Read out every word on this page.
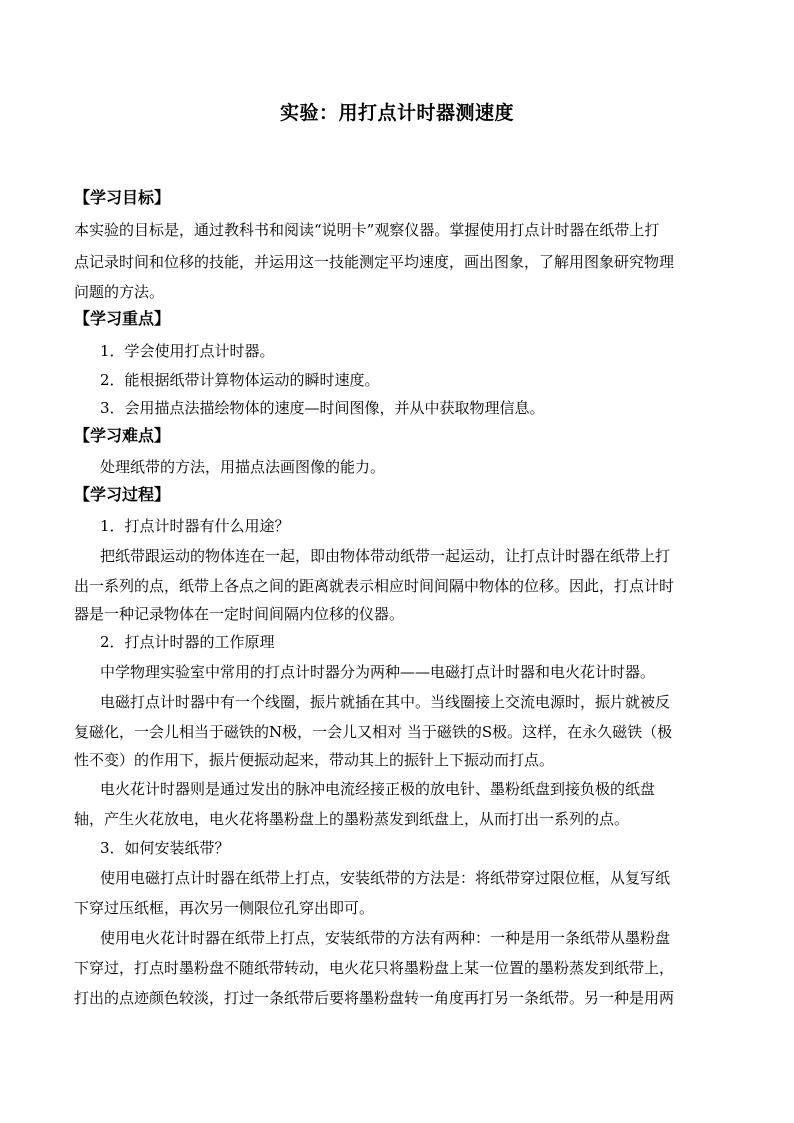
实验：用打点计时器测速度
【学习目标】
本实验的目标是，通过教科书和阅读“说明卡”观察仪器。掌握使用打点计时器在纸带上打
点记录时间和位移的技能，并运用这一技能测定平均速度，画出图象，了解用图象研究物理
问题的方法。
【学习重点】
1．学会使用打点计时器。
2．能根据纸带计算物体运动的瞬时速度。
3．会用描点法描绘物体的速度—时间图像，并从中获取物理信息。
【学习难点】
处理纸带的方法，用描点法画图像的能力。
【学习过程】
1．打点计时器有什么用途？
把纸带跟运动的物体连在一起，即由物体带动纸带一起运动，让打点计时器在纸带上打
出一系列的点，纸带上各点之间的距离就表示相应时间间隔中物体的位移。因此，打点计时
器是一种记录物体在一定时间间隔内位移的仪器。
2．打点计时器的工作原理
中学物理实验室中常用的打点计时器分为两种——电磁打点计时器和电火花计时器。
电磁打点计时器中有一个线圈，振片就插在其中。当线圈接上交流电源时，振片就被反
复磁化，一会儿相当于磁铁的N极，一会儿又相对 当于磁铁的S极。这样，在永久磁铁（极
性不变）的作用下，振片便振动起来，带动其上的振针上下振动而打点。
电火花计时器则是通过发出的脉冲电流经接正极的放电针、墨粉纸盘到接负极的纸盘
轴，产生火花放电，电火花将墨粉盘上的墨粉蒸发到纸盘上，从而打出一系列的点。
3．如何安装纸带？
使用电磁打点计时器在纸带上打点，安装纸带的方法是：将纸带穿过限位框，从复写纸
下穿过压纸框，再次另一侧限位孔穿出即可。
使用电火花计时器在纸带上打点，安装纸带的方法有两种：一种是用一条纸带从墨粉盘
下穿过，打点时墨粉盘不随纸带转动，电火花只将墨粉盘上某一位置的墨粉蒸发到纸带上，
打出的点迹颜色较淡，打过一条纸带后要将墨粉盘转一角度再打另一条纸带。另一种是用两
